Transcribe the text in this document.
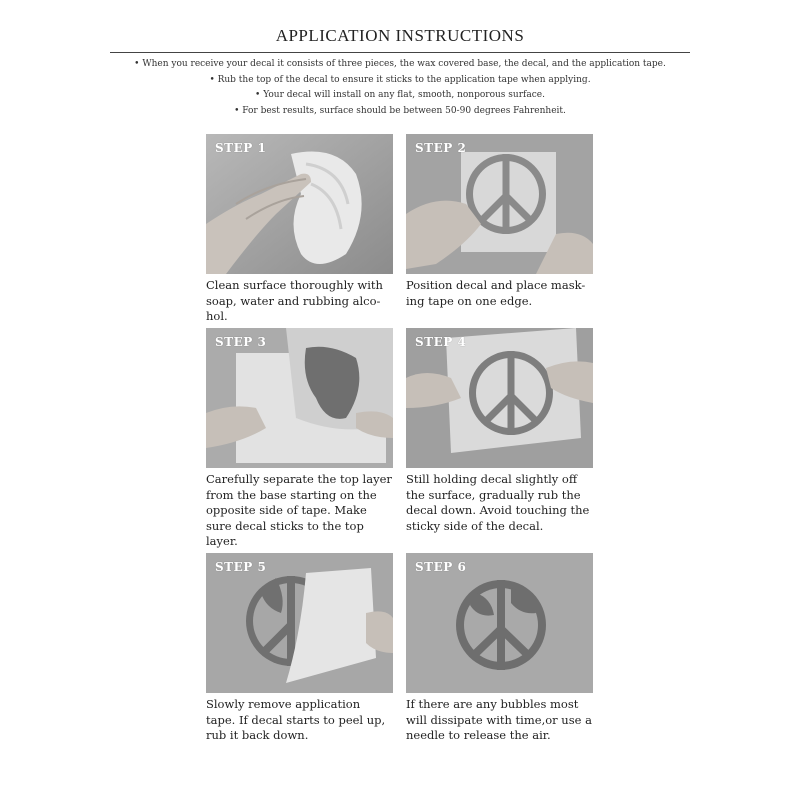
APPLICATION INSTRUCTIONS
• When you receive your decal it consists of three pieces, the wax covered base, the decal, and the application tape.
• Rub the top of the decal to ensure it sticks to the application tape when applying.
• Your decal will install on any flat, smooth, nonporous surface.
• For best results, surface should be between 50-90 degrees Fahrenheit.
STEP 1
Clean surface thoroughly with
soap, water and rubbing alco-
hol.
STEP 2
Position decal and place mask-
ing tape on one edge.
STEP 3
Carefully separate the top layer
from the base starting on the
opposite side of tape. Make
sure decal sticks to the top
layer.
STEP 4
Still holding decal slightly off
the surface, gradually rub the
decal down. Avoid touching the
sticky side of the decal.
STEP 5
Slowly remove application
tape. If decal starts to peel up,
rub it back down.
STEP 6
If there are any bubbles most
will dissipate with time,or use a
needle to release the air.
